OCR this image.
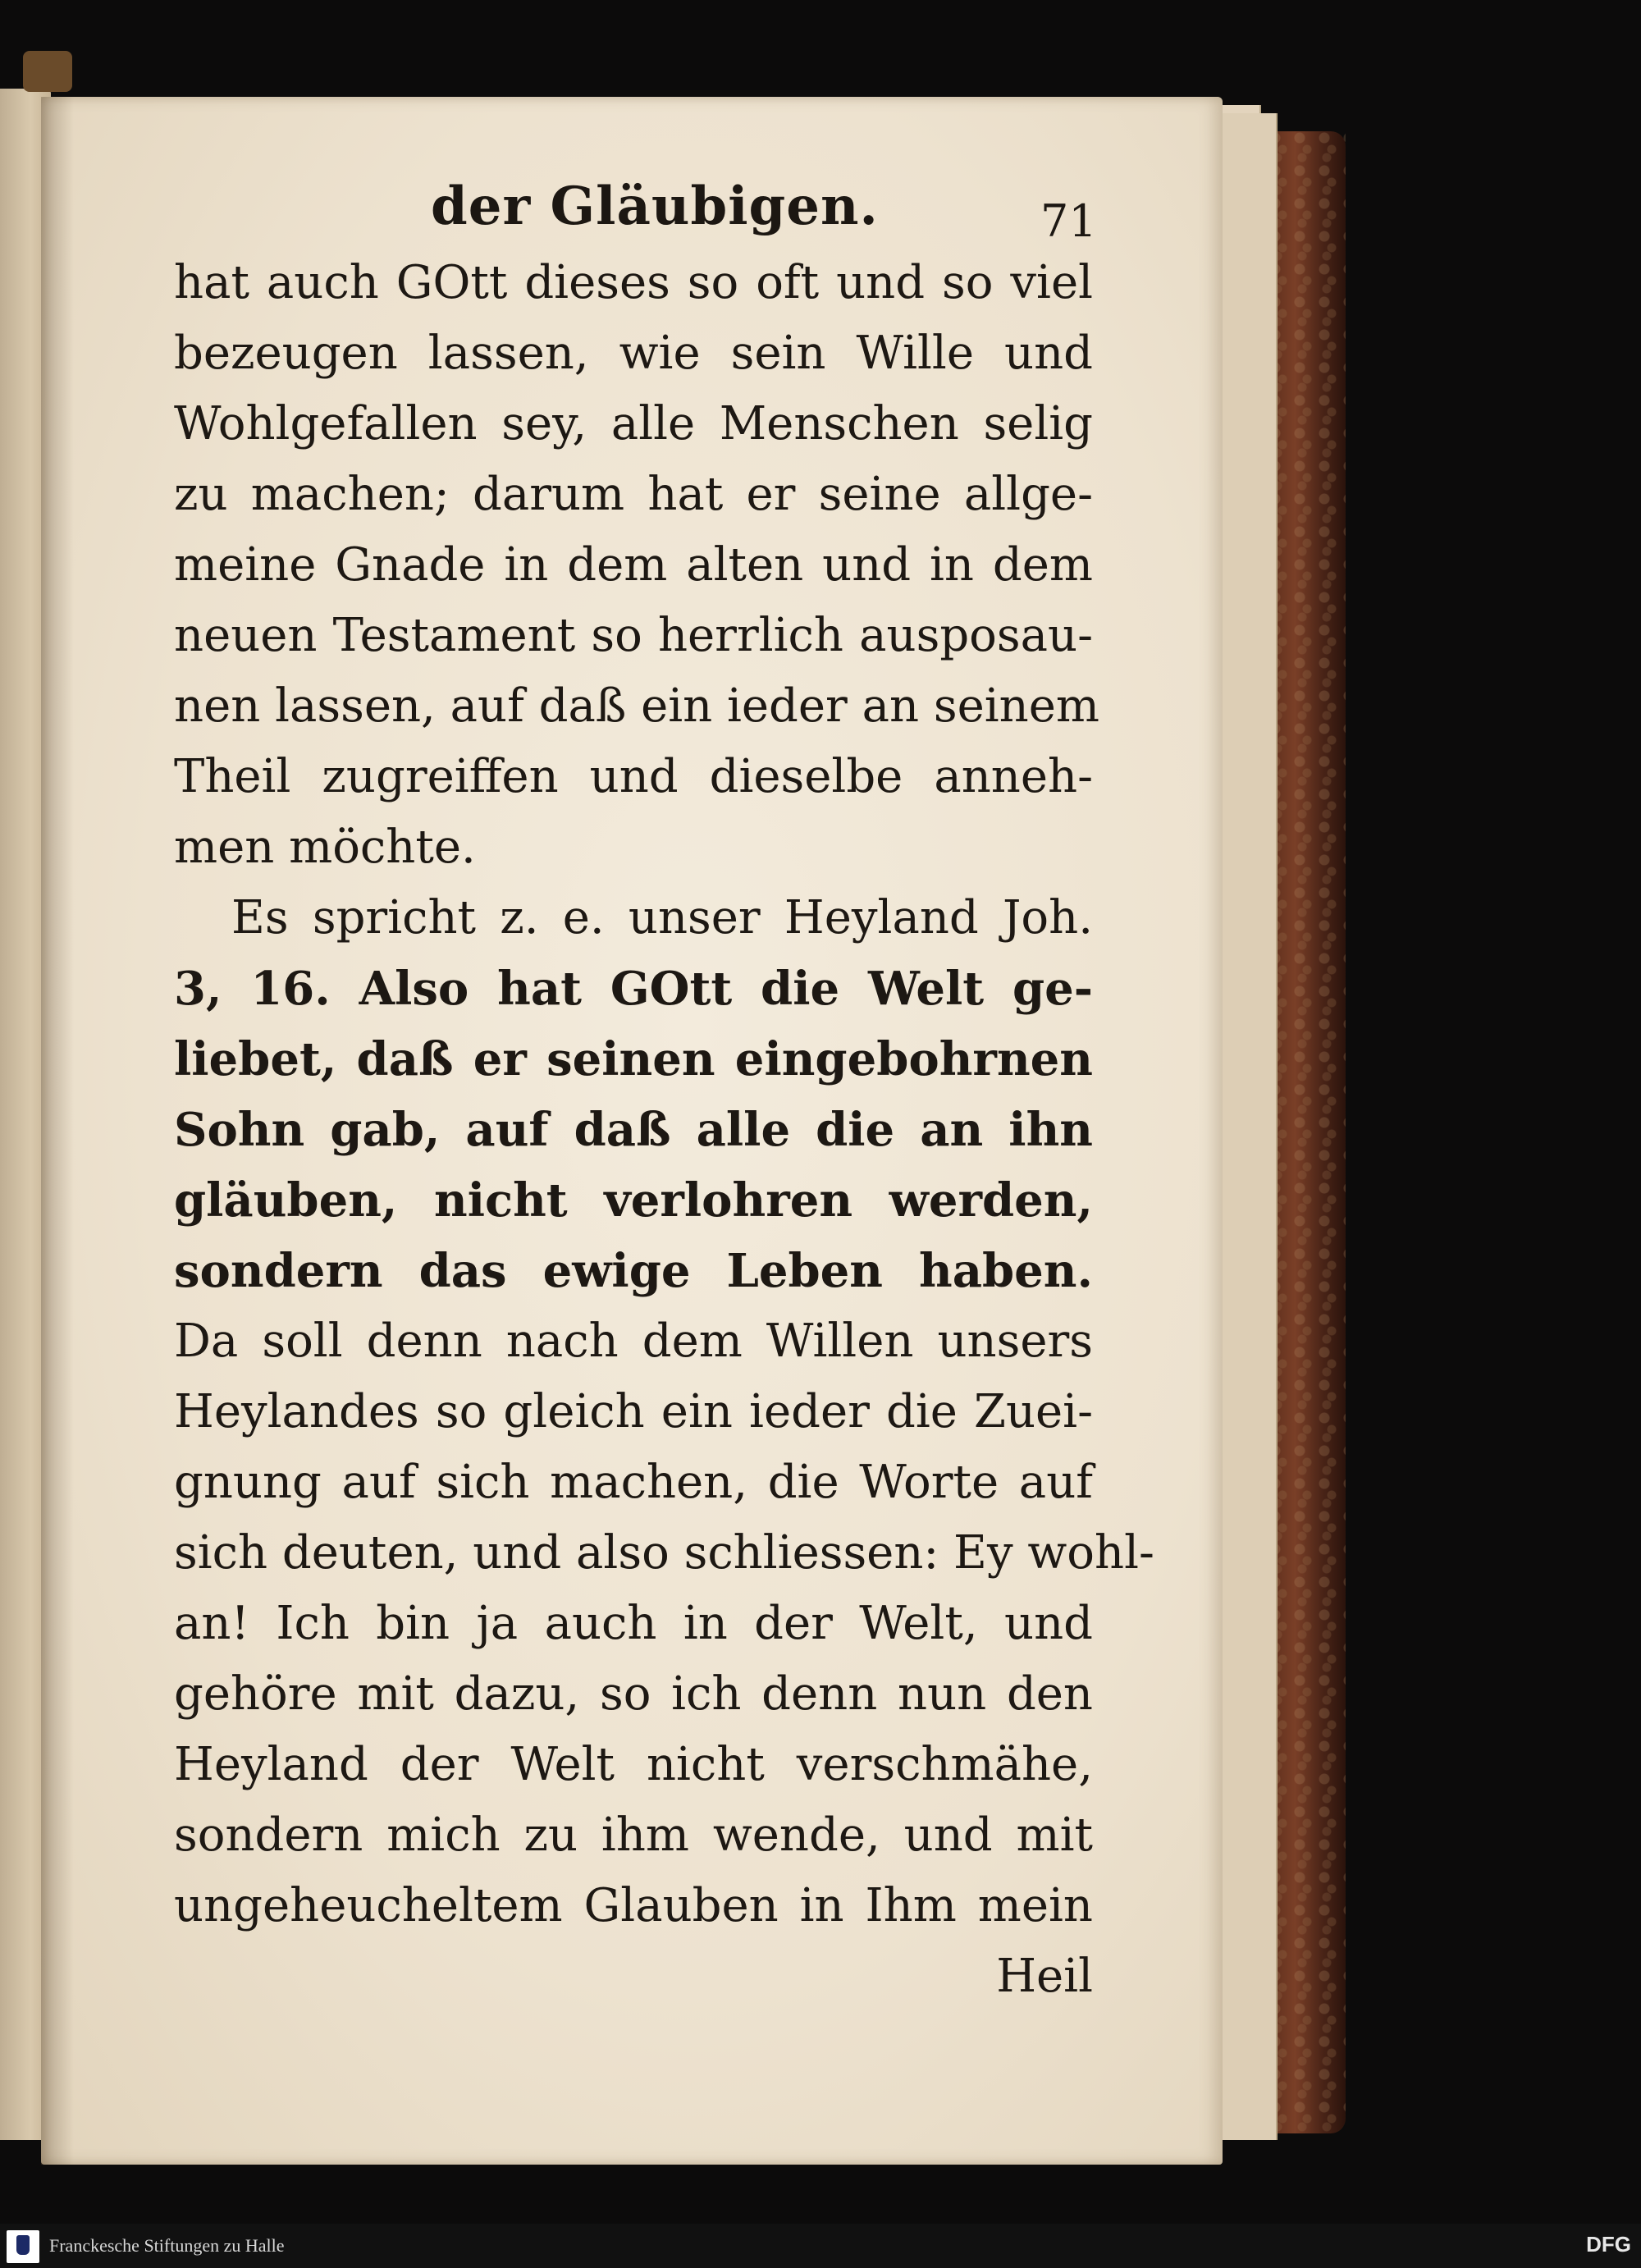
der Gläubigen.	71
hat auch GOtt dieses so oft und so viel
bezeugen lassen, wie sein Wille und
Wohlgefallen sey, alle Menschen selig
zu machen; darum hat er seine allge-
meine Gnade in dem alten und in dem
neuen Testament so herrlich ausposau-
nen lassen, auf daß ein ieder an seinem
Theil zugreiffen und dieselbe anneh-
men möchte.
Es spricht z. e. unser Heyland Joh.
3, 16. Also hat GOtt die Welt ge-
liebet, daß er seinen eingebohrnen
Sohn gab, auf daß alle die an ihn
gläuben, nicht verlohren werden,
sondern das ewige Leben haben.
Da soll denn nach dem Willen unsers
Heylandes so gleich ein ieder die Zuei-
gnung auf sich machen, die Worte auf
sich deuten, und also schliessen: Ey wohl-
an! Ich bin ja auch in der Welt, und
gehöre mit dazu, so ich denn nun den
Heyland der Welt nicht verschmähe,
sondern mich zu ihm wende, und mit
ungeheucheltem Glauben in Ihm mein
Heil
Franckesche Stiftungen zu Halle	DFG
